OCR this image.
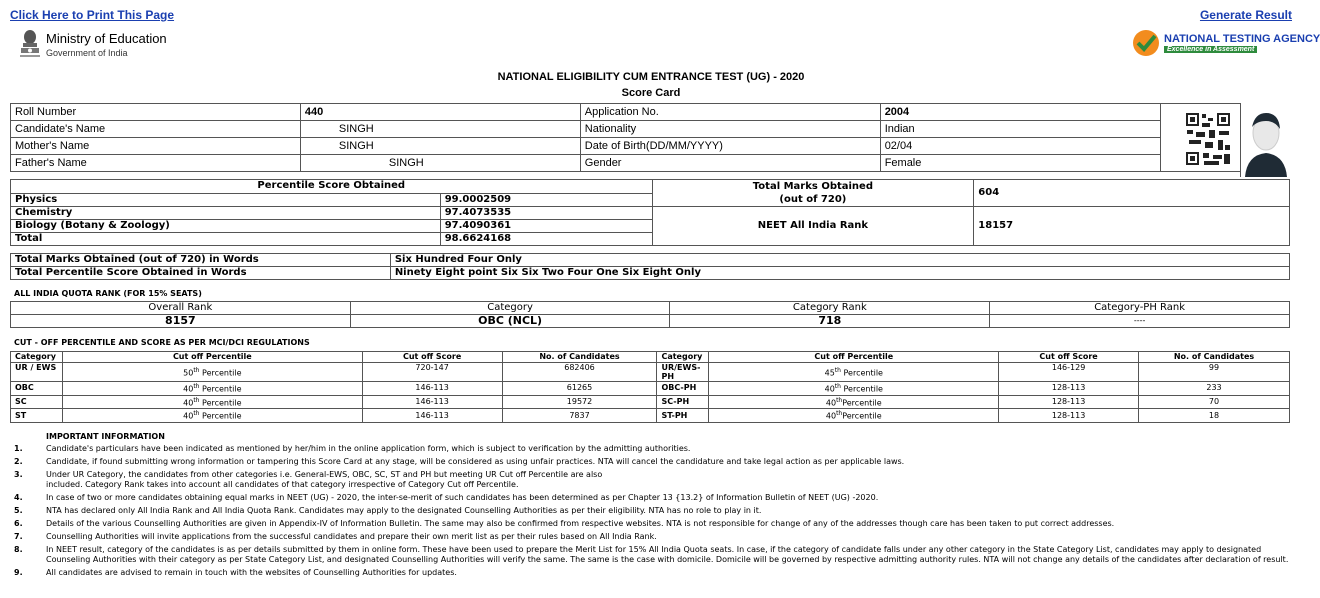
Click Here to Print This Page	Generate Result
Ministry of Education
Government of India
NATIONAL TESTING AGENCY
Excellence in Assessment
NATIONAL ELIGIBILITY CUM ENTRANCE TEST (UG) - 2020
Score Card
Roll Number	440	Application No.	2004	
Candidate's Name	SINGH	Nationality	Indian	
Mother's Name	SINGH	Date of Birth(DD/MM/YYYY)	02/04	
Father's Name	SINGH	Gender	Female	
Percentile Score Obtained		Total Marks Obtained
(out of 720)	604
Physics	99.0002509		
Chemistry	97.4073535	NEET All India Rank	18157
Biology (Botany & Zoology)	97.4090361		
Total	98.6624168		
Total Marks Obtained (out of 720) in Words	Six Hundred Four Only
Total Percentile Score Obtained in Words	Ninety Eight point Six Six Two Four One Six Eight Only
ALL INDIA QUOTA RANK (FOR 15% SEATS)
Overall Rank	Category	Category Rank	Category-PH Rank
8157	OBC (NCL)	718	----
CUT - OFF PERCENTILE AND SCORE AS PER MCI/DCI REGULATIONS
Category	Cut off Percentile	Cut off Score	No. of Candidates	Category	Cut off Percentile	Cut off Score	No. of Candidates
UR / EWS	50th Percentile	720-147	682406	UR/EWS-PH	45th Percentile	146-129	99
OBC	40th Percentile	146-113	61265	OBC-PH	40th Percentile	128-113	233
SC	40th Percentile	146-113	19572	SC-PH	40thPercentile	128-113	70
ST	40th Percentile	146-113	7837	ST-PH	40thPercentile	128-113	18
IMPORTANT INFORMATION
1.	Candidate's particulars have been indicated as mentioned by her/him in the online application form, which is subject to verification by the admitting authorities.
2.	Candidate, if found submitting wrong information or tampering this Score Card at any stage, will be considered as using unfair practices. NTA will cancel the candidature and take legal action as per applicable laws.
3.	Under UR Category, the candidates from other categories i.e. General-EWS, OBC, SC, ST and PH but meeting UR Cut off Percentile are also included. Category Rank takes into account all candidates of that category irrespective of Category Cut off Percentile.
4.	In case of two or more candidates obtaining equal marks in NEET (UG) - 2020, the inter-se-merit of such candidates has been determined as per Chapter 13 {13.2} of Information Bulletin of NEET (UG) -2020.
5.	NTA has declared only All India Rank and All India Quota Rank. Candidates may apply to the designated Counselling Authorities as per their eligibility. NTA has no role to play in it.
6.	Details of the various Counselling Authorities are given in Appendix-IV of Information Bulletin. The same may also be confirmed from respective websites. NTA is not responsible for change of any of the addresses though care has been taken to put correct addresses.
7.	Counselling Authorities will invite applications from the successful candidates and prepare their own merit list as per their rules based on All India Rank.
8.	In NEET result, category of the candidates is as per details submitted by them in online form. These have been used to prepare the Merit List for 15% All India Quota seats. In case, if the category of candidate falls under any other category in the State Category List, candidates may apply to designated Counseling Authorities with their category as per State Category List, and designated Counselling Authorities will verify the same. The same is the case with domicile. Domicile will be governed by respective admitting authority rules. NTA will not change any details of the candidates after declaration of result.
9.	All candidates are advised to remain in touch with the websites of Counselling Authorities for updates.
